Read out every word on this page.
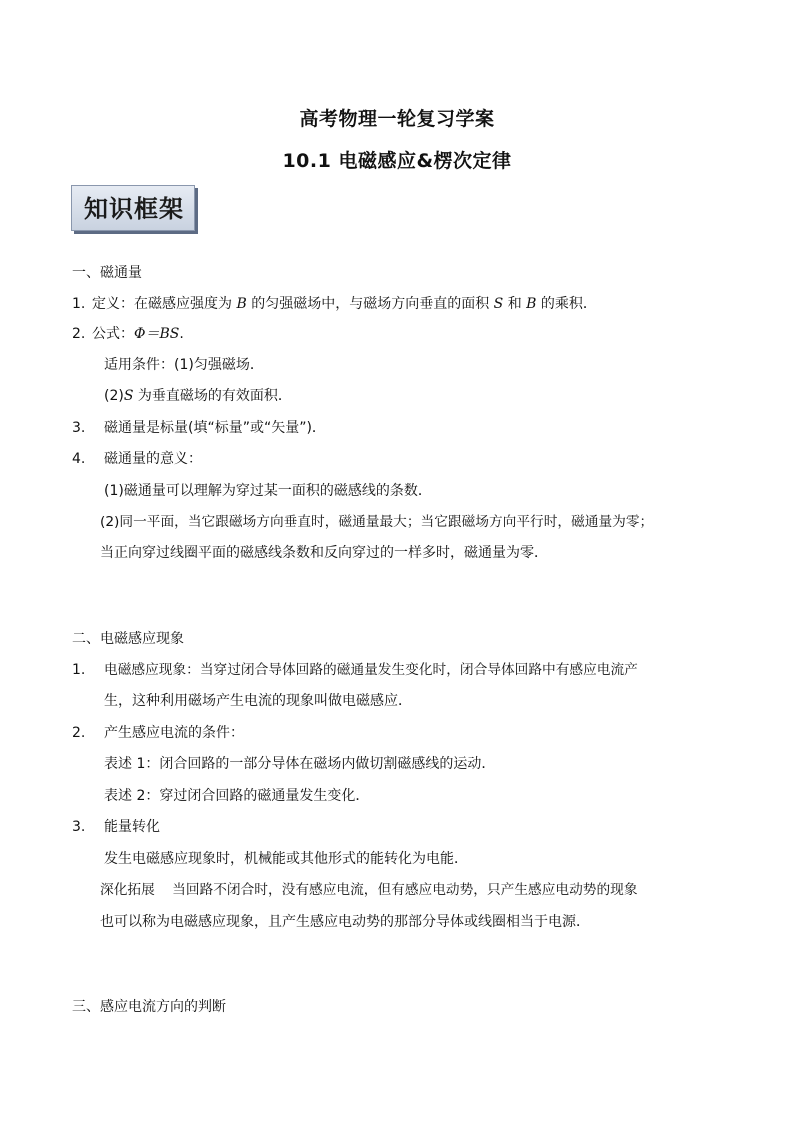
高考物理一轮复习学案
10.1 电磁感应&楞次定律
知识框架
一、磁通量
1. 定义：在磁感应强度为 B 的匀强磁场中，与磁场方向垂直的面积 S 和 B 的乘积．
2. 公式：Φ＝BS.
适用条件：(1)匀强磁场．
(2)S 为垂直磁场的有效面积．
3. 磁通量是标量(填“标量”或“矢量”)．
4. 磁通量的意义：
(1)磁通量可以理解为穿过某一面积的磁感线的条数．
(2)同一平面，当它跟磁场方向垂直时，磁通量最大；当它跟磁场方向平行时，磁通量为零；
当正向穿过线圈平面的磁感线条数和反向穿过的一样多时，磁通量为零．
二、电磁感应现象
1. 电磁感应现象：当穿过闭合导体回路的磁通量发生变化时，闭合导体回路中有感应电流产
生，这种利用磁场产生电流的现象叫做电磁感应．
2. 产生感应电流的条件：
表述 1：闭合回路的一部分导体在磁场内做切割磁感线的运动．
表述 2：穿过闭合回路的磁通量发生变化．
3. 能量转化
发生电磁感应现象时，机械能或其他形式的能转化为电能．
深化拓展    当回路不闭合时，没有感应电流，但有感应电动势，只产生感应电动势的现象
也可以称为电磁感应现象，且产生感应电动势的那部分导体或线圈相当于电源．
三、感应电流方向的判断
